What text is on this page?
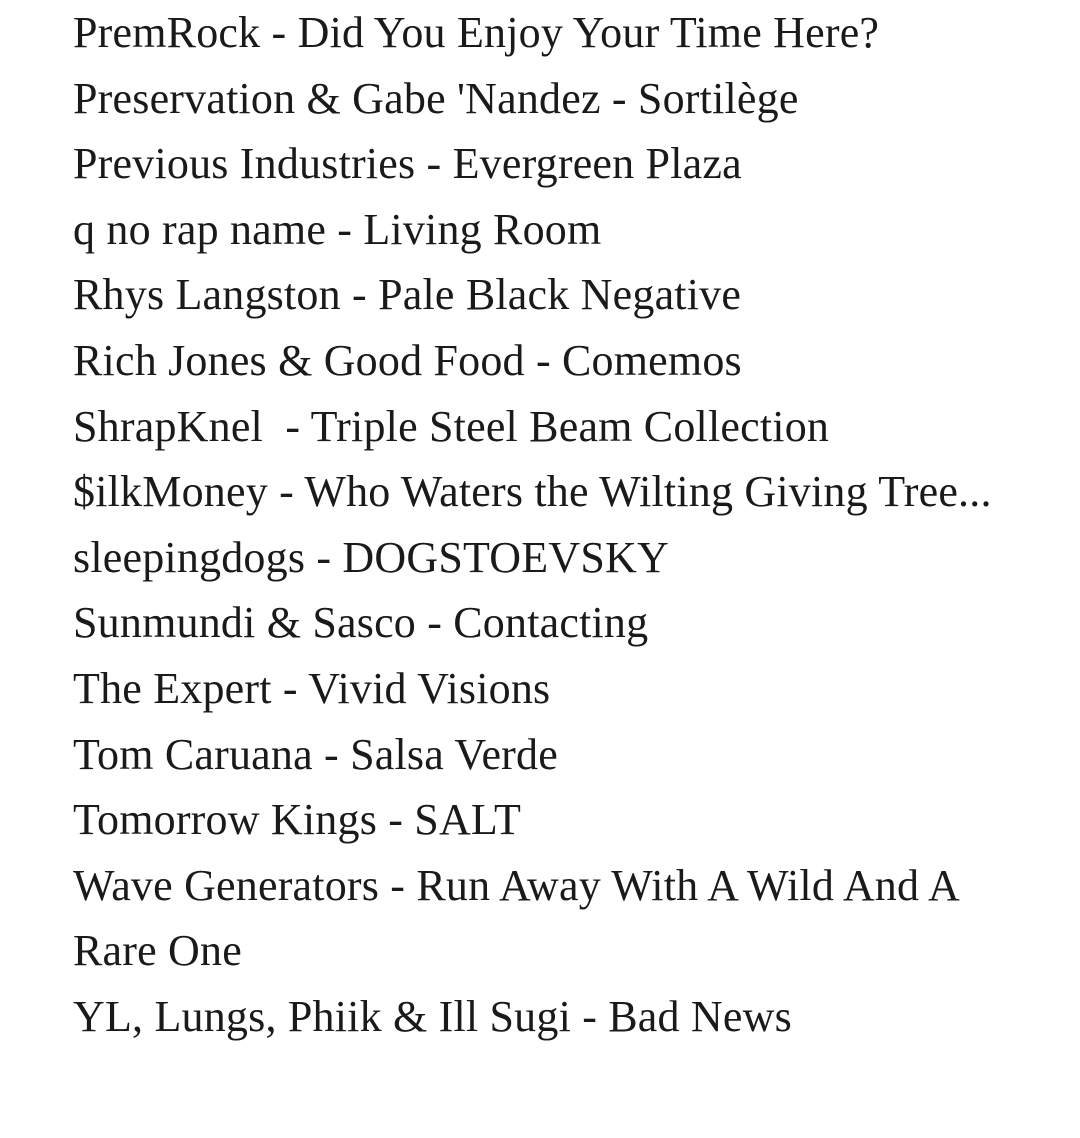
PremRock - Did You Enjoy Your Time Here?
Preservation & Gabe 'Nandez - Sortilège
Previous Industries - Evergreen Plaza
q no rap name - Living Room
Rhys Langston - Pale Black Negative
Rich Jones & Good Food - Comemos
ShrapKnel  - Triple Steel Beam Collection
$ilkMoney - Who Waters the Wilting Giving Tree...
sleepingdogs - DOGSTOEVSKY
Sunmundi & Sasco - Contacting
The Expert - Vivid Visions
Tom Caruana - Salsa Verde
Tomorrow Kings - SALT
Wave Generators - Run Away With A Wild And A Rare One
YL, Lungs, Phiik & Ill Sugi - Bad News
